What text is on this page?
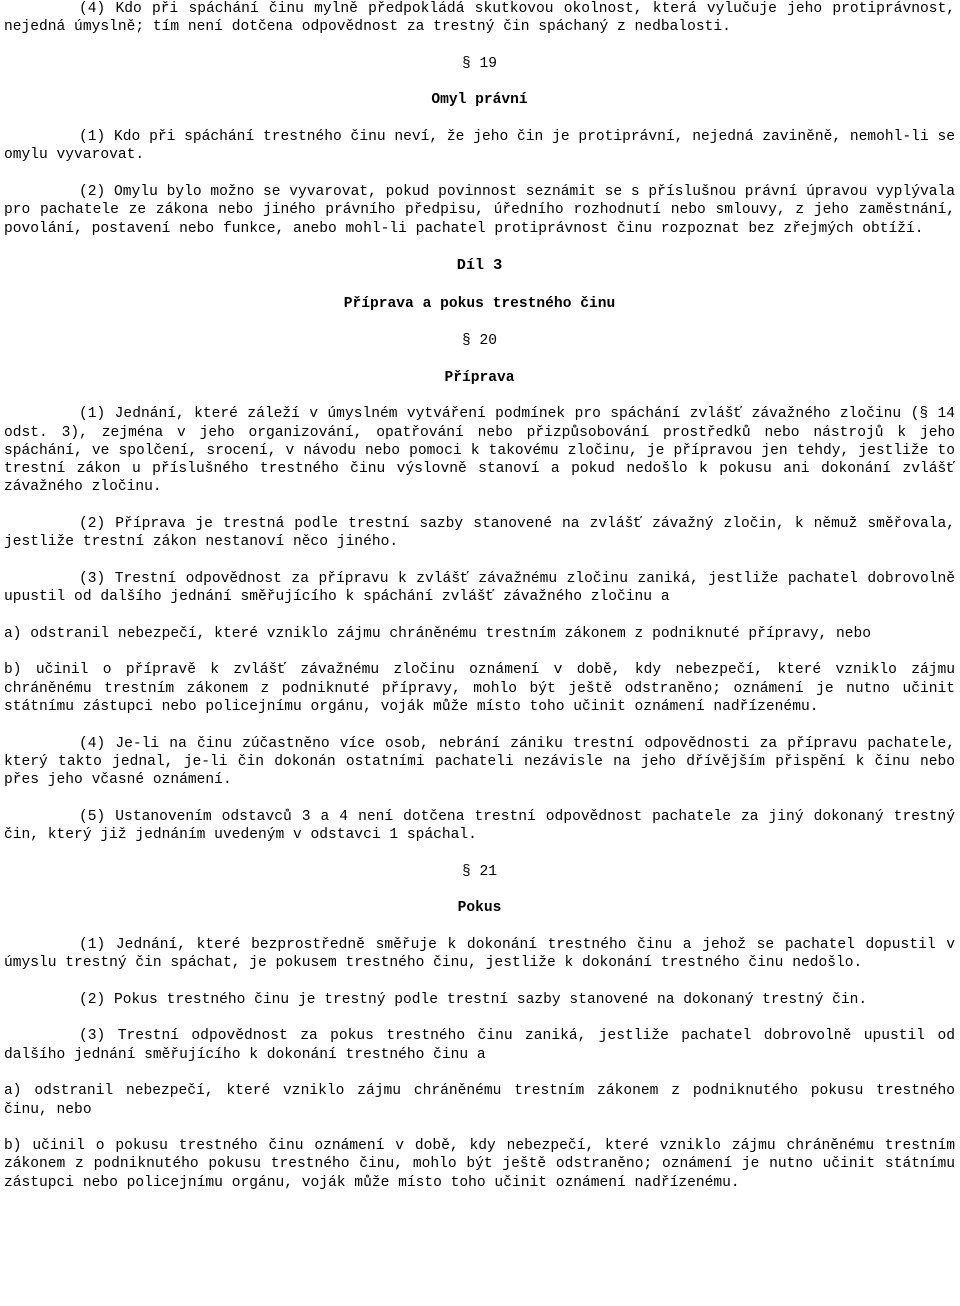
(4) Kdo při spáchání činu mylně předpokládá skutkovou okolnost, která vylučuje jeho protiprávnost, nejedná úmyslně; tím není dotčena odpovědnost za trestný čin spáchaný z nedbalosti.

§ 19

Omyl právní

(1) Kdo při spáchání trestného činu neví, že jeho čin je protiprávní, nejedná zaviněně, nemohl-li se omylu vyvarovat.

(2) Omylu bylo možno se vyvarovat, pokud povinnost seznámit se s příslušnou právní úpravou vyplývala pro pachatele ze zákona nebo jiného právního předpisu, úředního rozhodnutí nebo smlouvy, z jeho zaměstnání, povolání, postavení nebo funkce, anebo mohl-li pachatel protiprávnost činu rozpoznat bez zřejmých obtíží.

Díl 3

Příprava a pokus trestného činu

§ 20

Příprava

(1) Jednání, které záleží v úmyslném vytváření podmínek pro spáchání zvlášť závažného zločinu (§ 14 odst. 3), zejména v jeho organizování, opatřování nebo přizpůsobování prostředků nebo nástrojů k jeho spáchání, ve spolčení, srocení, v návodu nebo pomoci k takovému zločinu, je přípravou jen tehdy, jestliže to trestní zákon u příslušného trestného činu výslovně stanoví a pokud nedošlo k pokusu ani dokonání zvlášť závažného zločinu.

(2) Příprava je trestná podle trestní sazby stanovené na zvlášť závažný zločin, k němuž směřovala, jestliže trestní zákon nestanoví něco jiného.

(3) Trestní odpovědnost za přípravu k zvlášť závažnému zločinu zaniká, jestliže pachatel dobrovolně upustil od dalšího jednání směřujícího k spáchání zvlášť závažného zločinu a

a) odstranil nebezpečí, které vzniklo zájmu chráněnému trestním zákonem z podniknuté přípravy, nebo

b) učinil o přípravě k zvlášť závažnému zločinu oznámení v době, kdy nebezpečí, které vzniklo zájmu chráněnému trestním zákonem z podniknuté přípravy, mohlo být ještě odstraněno; oznámení je nutno učinit státnímu zástupci nebo policejnímu orgánu, voják může místo toho učinit oznámení nadřízenému.

(4) Je-li na činu zúčastněno více osob, nebrání zániku trestní odpovědnosti za přípravu pachatele, který takto jednal, je-li čin dokonán ostatními pachateli nezávisle na jeho dřívějším přispění k činu nebo přes jeho včasné oznámení.

(5) Ustanovením odstavců 3 a 4 není dotčena trestní odpovědnost pachatele za jiný dokonaný trestný čin, který již jednáním uvedeným v odstavci 1 spáchal.

§ 21

Pokus

(1) Jednání, které bezprostředně směřuje k dokonání trestného činu a jehož se pachatel dopustil v úmyslu trestný čin spáchat, je pokusem trestného činu, jestliže k dokonání trestného činu nedošlo.

(2) Pokus trestného činu je trestný podle trestní sazby stanovené na dokonaný trestný čin.

(3) Trestní odpovědnost za pokus trestného činu zaniká, jestliže pachatel dobrovolně upustil od dalšího jednání směřujícího k dokonání trestného činu a

a) odstranil nebezpečí, které vzniklo zájmu chráněnému trestním zákonem z podniknutého pokusu trestného činu, nebo

b) učinil o pokusu trestného činu oznámení v době, kdy nebezpečí, které vzniklo zájmu chráněnému trestním zákonem z podniknutého pokusu trestného činu, mohlo být ještě odstraněno; oznámení je nutno učinit státnímu zástupci nebo policejnímu orgánu, voják může místo toho učinit oznámení nadřízenému.
